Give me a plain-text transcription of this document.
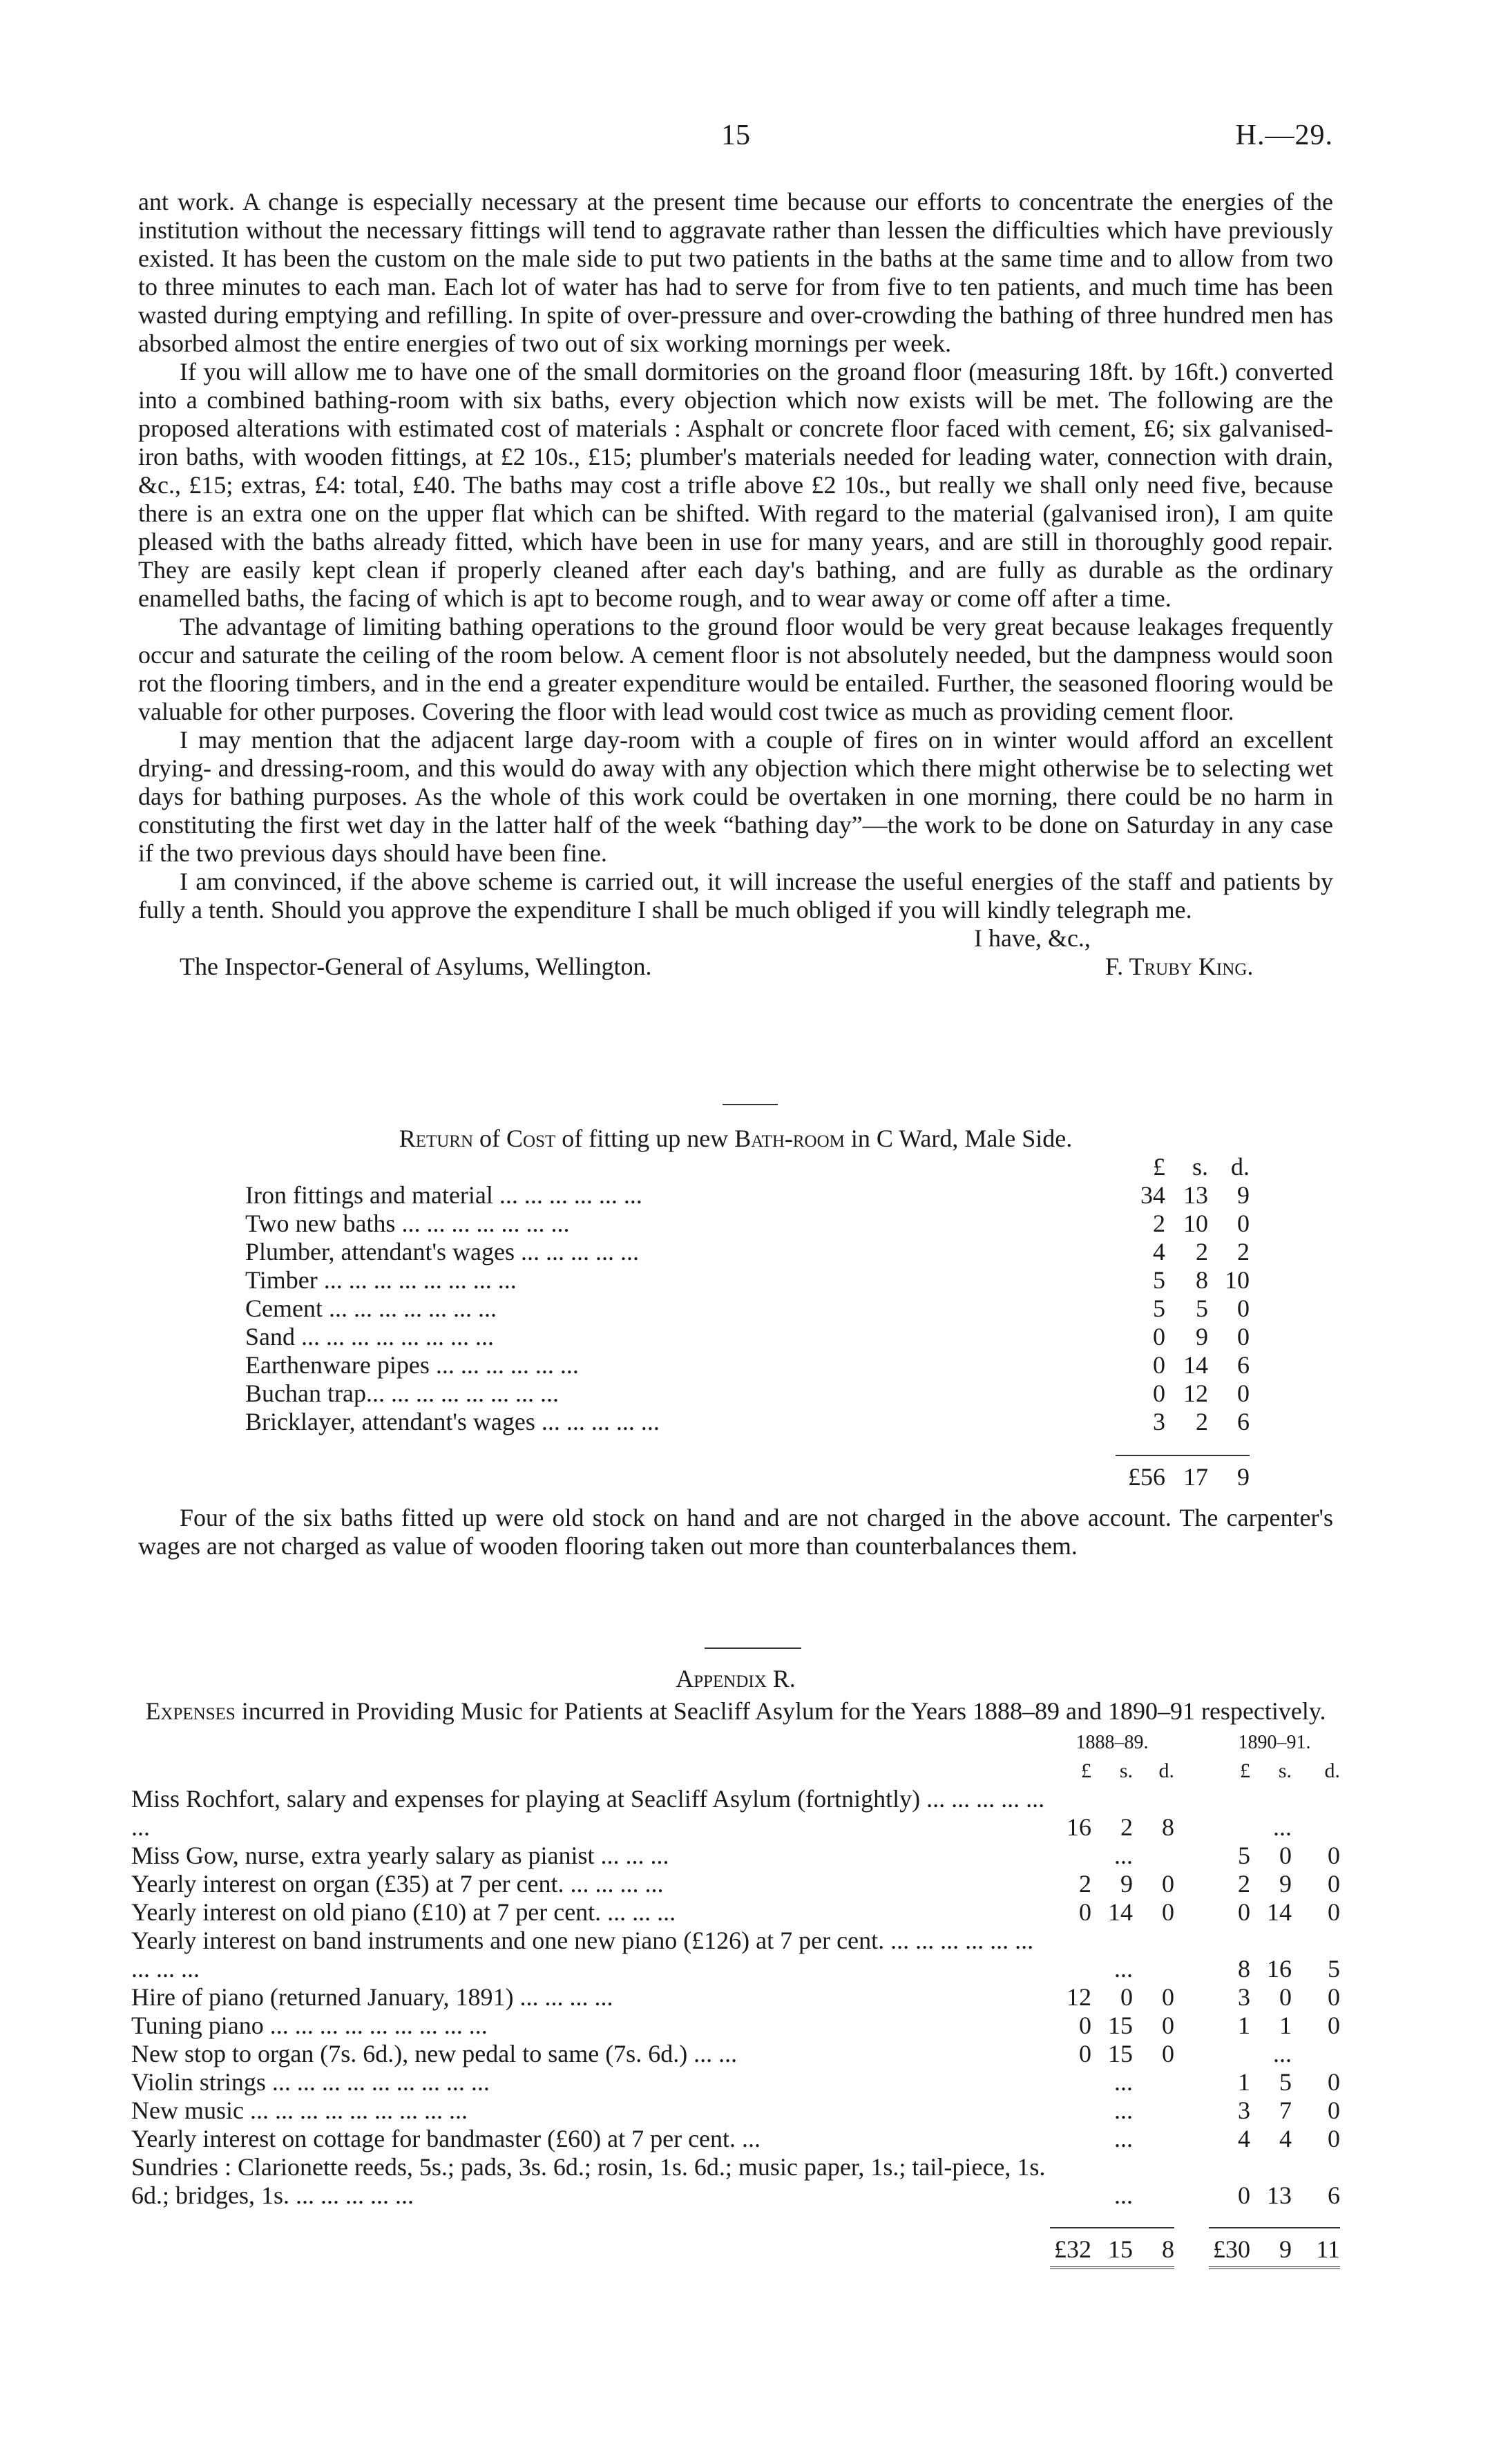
15	H.—29.

ant work. A change is especially necessary at the present time because our efforts to concentrate the energies of the institution without the necessary fittings will tend to aggravate rather than lessen the difficulties which have previously existed. It has been the custom on the male side to put two patients in the baths at the same time and to allow from two to three minutes to each man. Each lot of water has had to serve for from five to ten patients, and much time has been wasted during emptying and refilling. In spite of over-pressure and over-crowding the bathing of three hundred men has absorbed almost the entire energies of two out of six working mornings per week.

If you will allow me to have one of the small dormitories on the groand floor (measuring 18ft. by 16ft.) converted into a combined bathing-room with six baths, every objection which now exists will be met. The following are the proposed alterations with estimated cost of materials : Asphalt or concrete floor faced with cement, £6; six galvanised-iron baths, with wooden fittings, at £2 10s., £15; plumber's materials needed for leading water, connection with drain, &c., £15; extras, £4: total, £40. The baths may cost a trifle above £2 10s., but really we shall only need five, because there is an extra one on the upper flat which can be shifted. With regard to the material (galvanised iron), I am quite pleased with the baths already fitted, which have been in use for many years, and are still in thoroughly good repair. They are easily kept clean if properly cleaned after each day's bathing, and are fully as durable as the ordinary enamelled baths, the facing of which is apt to become rough, and to wear away or come off after a time.

The advantage of limiting bathing operations to the ground floor would be very great because leakages frequently occur and saturate the ceiling of the room below. A cement floor is not absolutely needed, but the dampness would soon rot the flooring timbers, and in the end a greater expenditure would be entailed. Further, the seasoned flooring would be valuable for other purposes. Covering the floor with lead would cost twice as much as providing cement floor.

I may mention that the adjacent large day-room with a couple of fires on in winter would afford an excellent drying- and dressing-room, and this would do away with any objection which there might otherwise be to selecting wet days for bathing purposes. As the whole of this work could be overtaken in one morning, there could be no harm in constituting the first wet day in the latter half of the week “bathing day”—the work to be done on Saturday in any case if the two previous days should have been fine.

I am convinced, if the above scheme is carried out, it will increase the useful energies of the staff and patients by fully a tenth. Should you approve the expenditure I shall be much obliged if you will kindly telegraph me.

I have, &c.,
The Inspector-General of Asylums, Wellington.	F. Truby King.
Return of Cost of fitting up new Bath-room in C Ward, Male Side.
	£	s.	d.
Iron fittings and material ... ... ... ... ... ...	34	13	9
Two new baths ... ... ... ... ... ... ...	2	10	0
Plumber, attendant's wages ... ... ... ... ...	4	2	2
Timber ... ... ... ... ... ... ... ...	5	8	10
Cement ... ... ... ... ... ... ...	5	5	0
Sand ... ... ... ... ... ... ... ...	0	9	0
Earthenware pipes ... ... ... ... ... ...	0	14	6
Buchan trap... ... ... ... ... ... ... ...	0	12	0
Bricklayer, attendant's wages ... ... ... ... ...	3	2	6

	£56	17	9

Four of the six baths fitted up were old stock on hand and are not charged in the above account. The carpenter's wages are not charged as value of wooden flooring taken out more than counterbalances them.

Appendix R.
Expenses incurred in Providing Music for Patients at Seacliff Asylum for the Years 1888–89 and 1890–91 respectively.
	1888–89.				1890–91.		
	£	s.	d.		£	s.	d.
Miss Rochfort, salary and expenses for playing at Seacliff Asylum (fortnightly) ... ... ... ... ... ...	16	2	8			...	
Miss Gow, nurse, extra yearly salary as pianist ... ... ...		...			5	0	0
Yearly interest on organ (£35) at 7 per cent. ... ... ... ...	2	9	0		2	9	0
Yearly interest on old piano (£10) at 7 per cent. ... ... ...	0	14	0		0	14	0
Yearly interest on band instruments and one new piano (£126) at 7 per cent. ... ... ... ... ... ... ... ... ...		...			8	16	5
Hire of piano (returned January, 1891) ... ... ... ...	12	0	0		3	0	0
Tuning piano ... ... ... ... ... ... ... ... ...	0	15	0		1	1	0
New stop to organ (7s. 6d.), new pedal to same (7s. 6d.) ... ...	0	15	0			...	
Violin strings ... ... ... ... ... ... ... ... ...		...			1	5	0
New music ... ... ... ... ... ... ... ... ...		...			3	7	0
Yearly interest on cottage for bandmaster (£60) at 7 per cent. ...		...			4	4	0
Sundries : Clarionette reeds, 5s.; pads, 3s. 6d.; rosin, 1s. 6d.; music paper, 1s.; tail-piece, 1s. 6d.; bridges, 1s. ... ... ... ... ...		...			0	13	6

	£32	15	8		£30	9	11
